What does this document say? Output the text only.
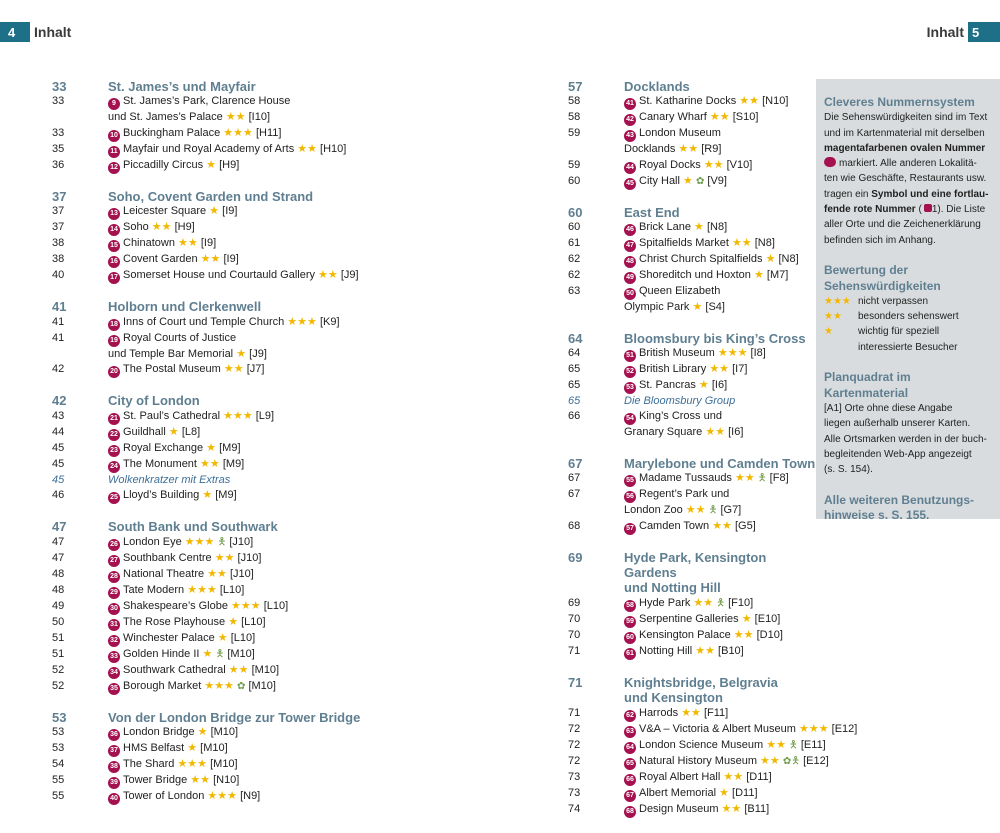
4	Inhalt	Inhalt 5
33	St. James’s und Mayfair
33	9 St. James’s Park, Clarence House
und St. James’s Palace ★★ [I10]
33	10 Buckingham Palace ★★★ [H11]
35	11 Mayfair und Royal Academy of Arts ★★ [H10]
36	12 Piccadilly Circus ★ [H9]
37	Soho, Covent Garden und Strand
37	13 Leicester Square ★ [I9]
37	14 Soho ★★ [H9]
38	15 Chinatown ★★ [I9]
38	16 Covent Garden ★★ [I9]
40	17 Somerset House und Courtauld Gallery ★★ [J9]
41	Holborn und Clerkenwell
41	18 Inns of Court und Temple Church ★★★ [K9]
41	19 Royal Courts of Justice
und Temple Bar Memorial ★ [J9]
42	20 The Postal Museum ★★ [J7]
42	City of London
43	21 St. Paul’s Cathedral ★★★ [L9]
44	22 Guildhall ★ [L8]
45	23 Royal Exchange ★ [M9]
45	24 The Monument ★★ [M9]
45	Wolkenkratzer mit Extras
46	25 Lloyd’s Building ★ [M9]
47	South Bank und Southwark
47	26 London Eye ★★★ 🯅 [J10]
47	27 Southbank Centre ★★ [J10]
48	28 National Theatre ★★ [J10]
48	29 Tate Modern ★★★ [L10]
49	30 Shakespeare’s Globe ★★★ [L10]
50	31 The Rose Playhouse ★ [L10]
51	32 Winchester Palace ★ [L10]
51	33 Golden Hinde II ★ 🯅 [M10]
52	34 Southwark Cathedral ★★ [M10]
52	35 Borough Market ★★★ ✿ [M10]
53	Von der London Bridge zur Tower Bridge
53	36 London Bridge ★ [M10]
53	37 HMS Belfast ★ [M10]
54	38 The Shard ★★★ [M10]
55	39 Tower Bridge ★★ [N10]
55	40 Tower of London ★★★ [N9]
57	Docklands
58	41 St. Katharine Docks ★★ [N10]
58	42 Canary Wharf ★★ [S10]
59	43 London Museum
Docklands ★★ [R9]
59	44 Royal Docks ★★ [V10]
60	45 City Hall ★ ✿ [V9]
60	East End
60	46 Brick Lane ★ [N8]
61	47 Spitalfields Market ★★ [N8]
62	48 Christ Church Spitalfields ★ [N8]
62	49 Shoreditch und Hoxton ★ [M7]
63	50 Queen Elizabeth
Olympic Park ★ [S4]
64	Bloomsbury bis King’s Cross
64	51 British Museum ★★★ [I8]
65	52 British Library ★★ [I7]
65	53 St. Pancras ★ [I6]
65	Die Bloomsbury Group
66	54 King’s Cross und
Granary Square ★★ [I6]
67	Marylebone und Camden Town
67	55 Madame Tussauds ★★ 🯅 [F8]
67	56 Regent’s Park und
London Zoo ★★ 🯅 [G7]
68	57 Camden Town ★★ [G5]
69	Hyde Park, Kensington Gardens
und Notting Hill
69	58 Hyde Park ★★ 🯅 [F10]
70	59 Serpentine Galleries ★ [E10]
70	60 Kensington Palace ★★ [D10]
71	61 Notting Hill ★★ [B10]
71	Knightsbridge, Belgravia
und Kensington
71	62 Harrods ★★ [F11]
72	63 V&A – Victoria & Albert Museum ★★★ [E12]
72	64 London Science Museum ★★ 🯅 [E11]
72	65 Natural History Museum ★★ ✿🯅 [E12]
73	66 Royal Albert Hall ★★ [D11]
73	67 Albert Memorial ★ [D11]
74	68 Design Museum ★★ [B11]
Cleveres Nummernsystem
Die Sehenswürdigkeiten sind im Text
und im Kartenmaterial mit derselben
magentafarbenen ovalen Nummer
markiert. Alle anderen Lokalitä-
ten wie Geschäfte, Restaurants usw.
tragen ein Symbol und eine fortlau-
fende rote Nummer ( 1). Die Liste
aller Orte und die Zeichenerklärung
befinden sich im Anhang.
Bewertung der
Sehenswürdigkeiten
★★★ nicht verpassen
★★	besonders sehenswert
★	wichtig für speziell
interessierte Besucher
Planquadrat im Kartenmaterial
[A1] Orte ohne diese Angabe
liegen außerhalb unserer Karten.
Alle Ortsmarken werden in der buch-
begleitenden Web-App angezeigt
(s. S. 154).
Alle weiteren Benutzungs-
hinweise s. S. 155.
